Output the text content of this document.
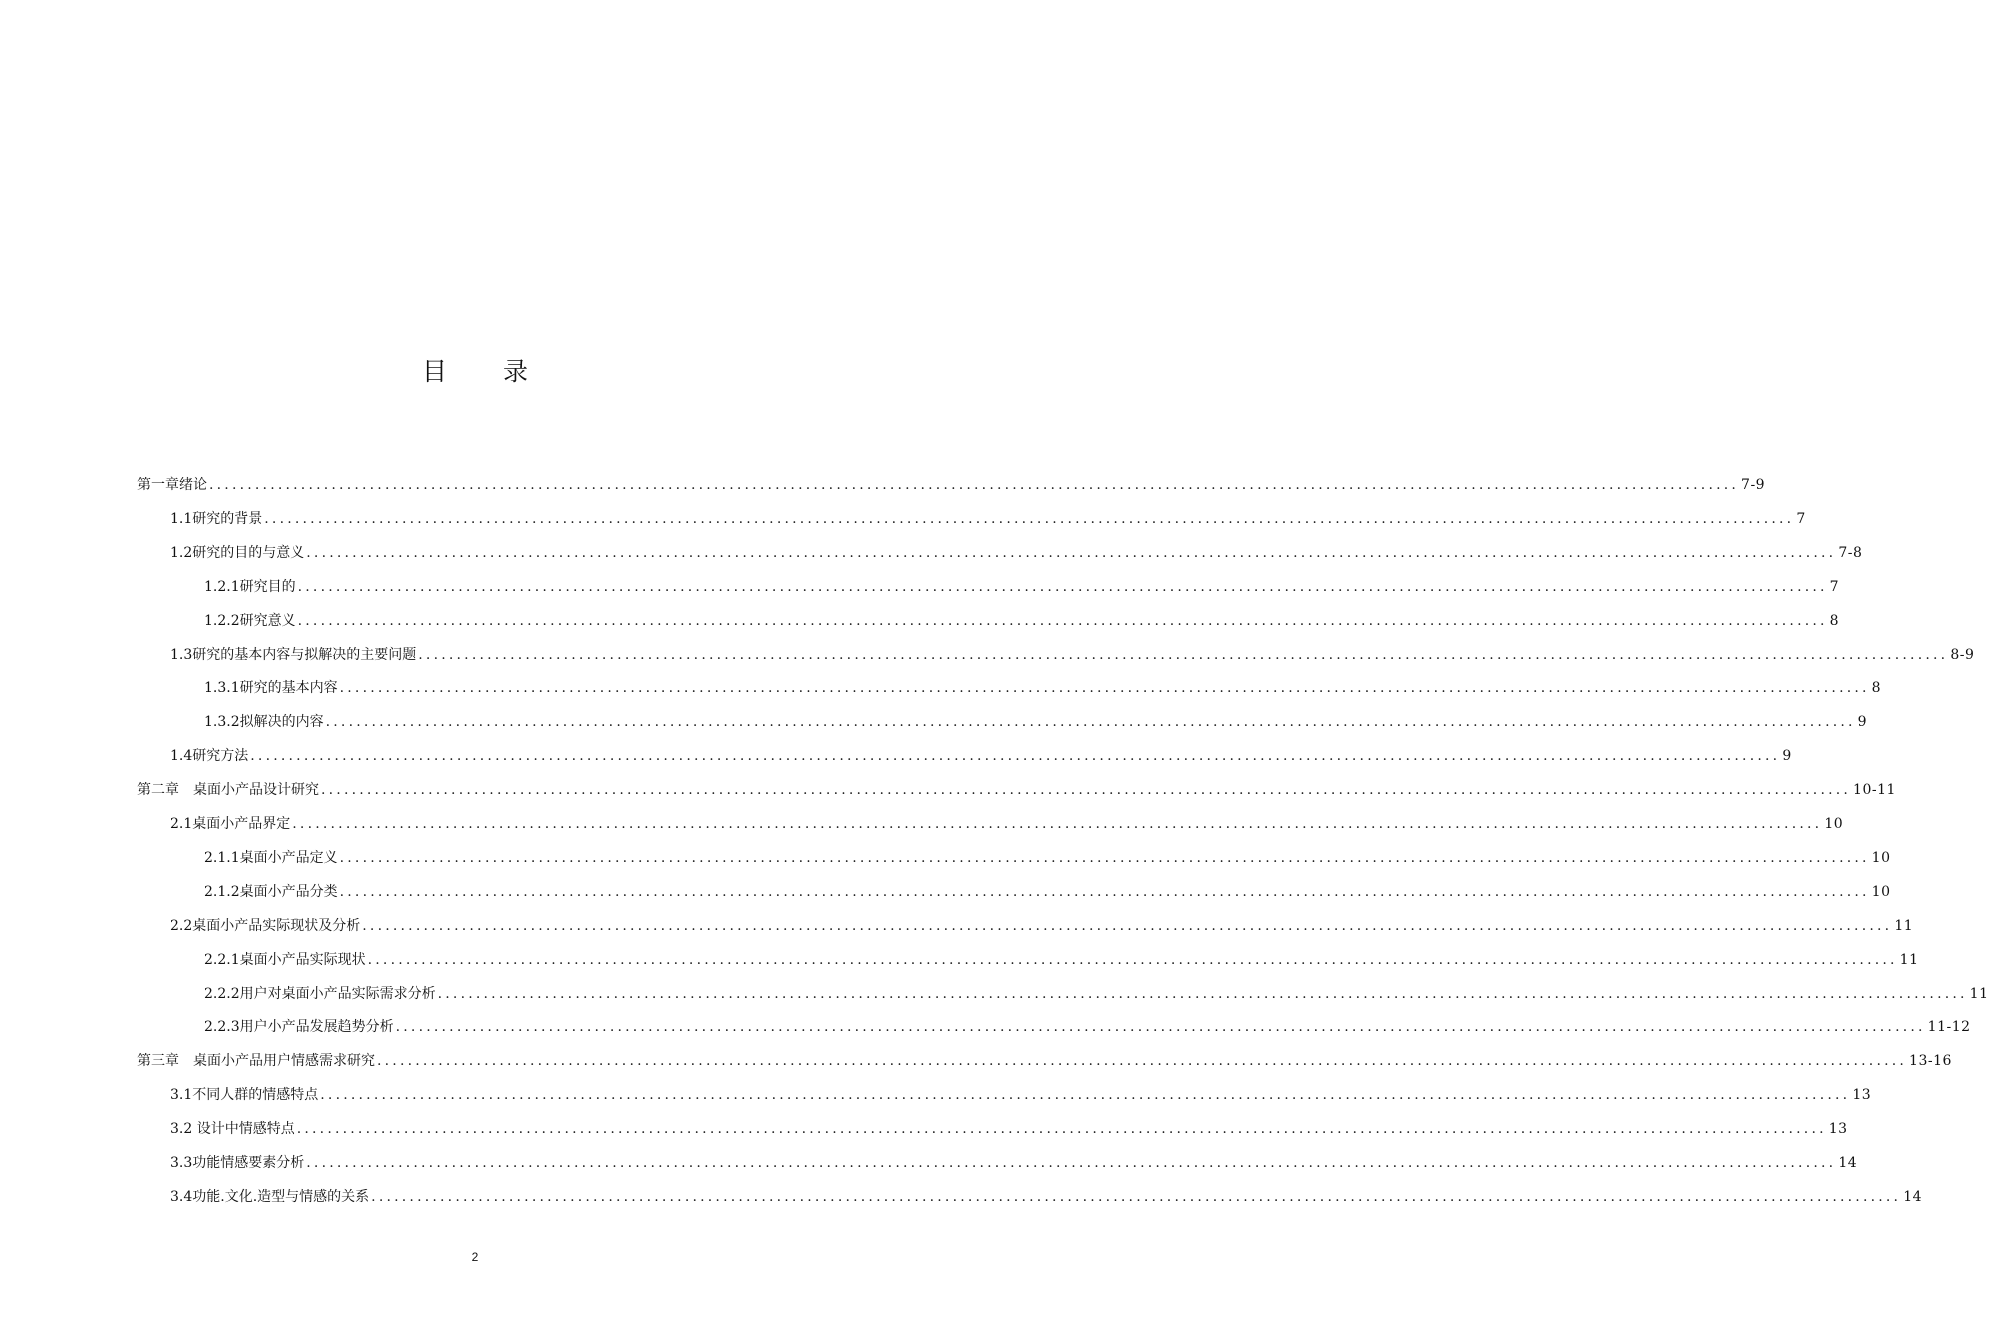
目 录
第一章绪论 ........................................................................................................................................................................................................ 7-9
1.1研究的背景 ........................................................................................................................................................................................................ 7
1.2研究的目的与意义 ........................................................................................................................................................................................................ 7-8
1.2.1研究目的 ........................................................................................................................................................................................................ 7
1.2.2研究意义 ........................................................................................................................................................................................................ 8
1.3研究的基本内容与拟解决的主要问题 ........................................................................................................................................................................................................ 8-9
1.3.1研究的基本内容 ........................................................................................................................................................................................................ 8
1.3.2拟解决的内容 ........................................................................................................................................................................................................ 9
1.4研究方法 ........................................................................................................................................................................................................ 9
第二章　桌面小产品设计研究 ........................................................................................................................................................................................................ 10-11
2.1桌面小产品界定 ........................................................................................................................................................................................................ 10
2.1.1桌面小产品定义 ........................................................................................................................................................................................................ 10
2.1.2桌面小产品分类 ........................................................................................................................................................................................................ 10
2.2桌面小产品实际现状及分析 ........................................................................................................................................................................................................ 11
2.2.1桌面小产品实际现状 ........................................................................................................................................................................................................ 11
2.2.2用户对桌面小产品实际需求分析 ........................................................................................................................................................................................................ 11
2.2.3用户小产品发展趋势分析 ........................................................................................................................................................................................................ 11-12
第三章　桌面小产品用户情感需求研究 ........................................................................................................................................................................................................ 13-16
3.1不同人群的情感特点 ........................................................................................................................................................................................................ 13
3.2 设计中情感特点 ........................................................................................................................................................................................................ 13
3.3功能情感要素分析 ........................................................................................................................................................................................................ 14
3.4功能.文化.造型与情感的关系 ........................................................................................................................................................................................................ 14
2
